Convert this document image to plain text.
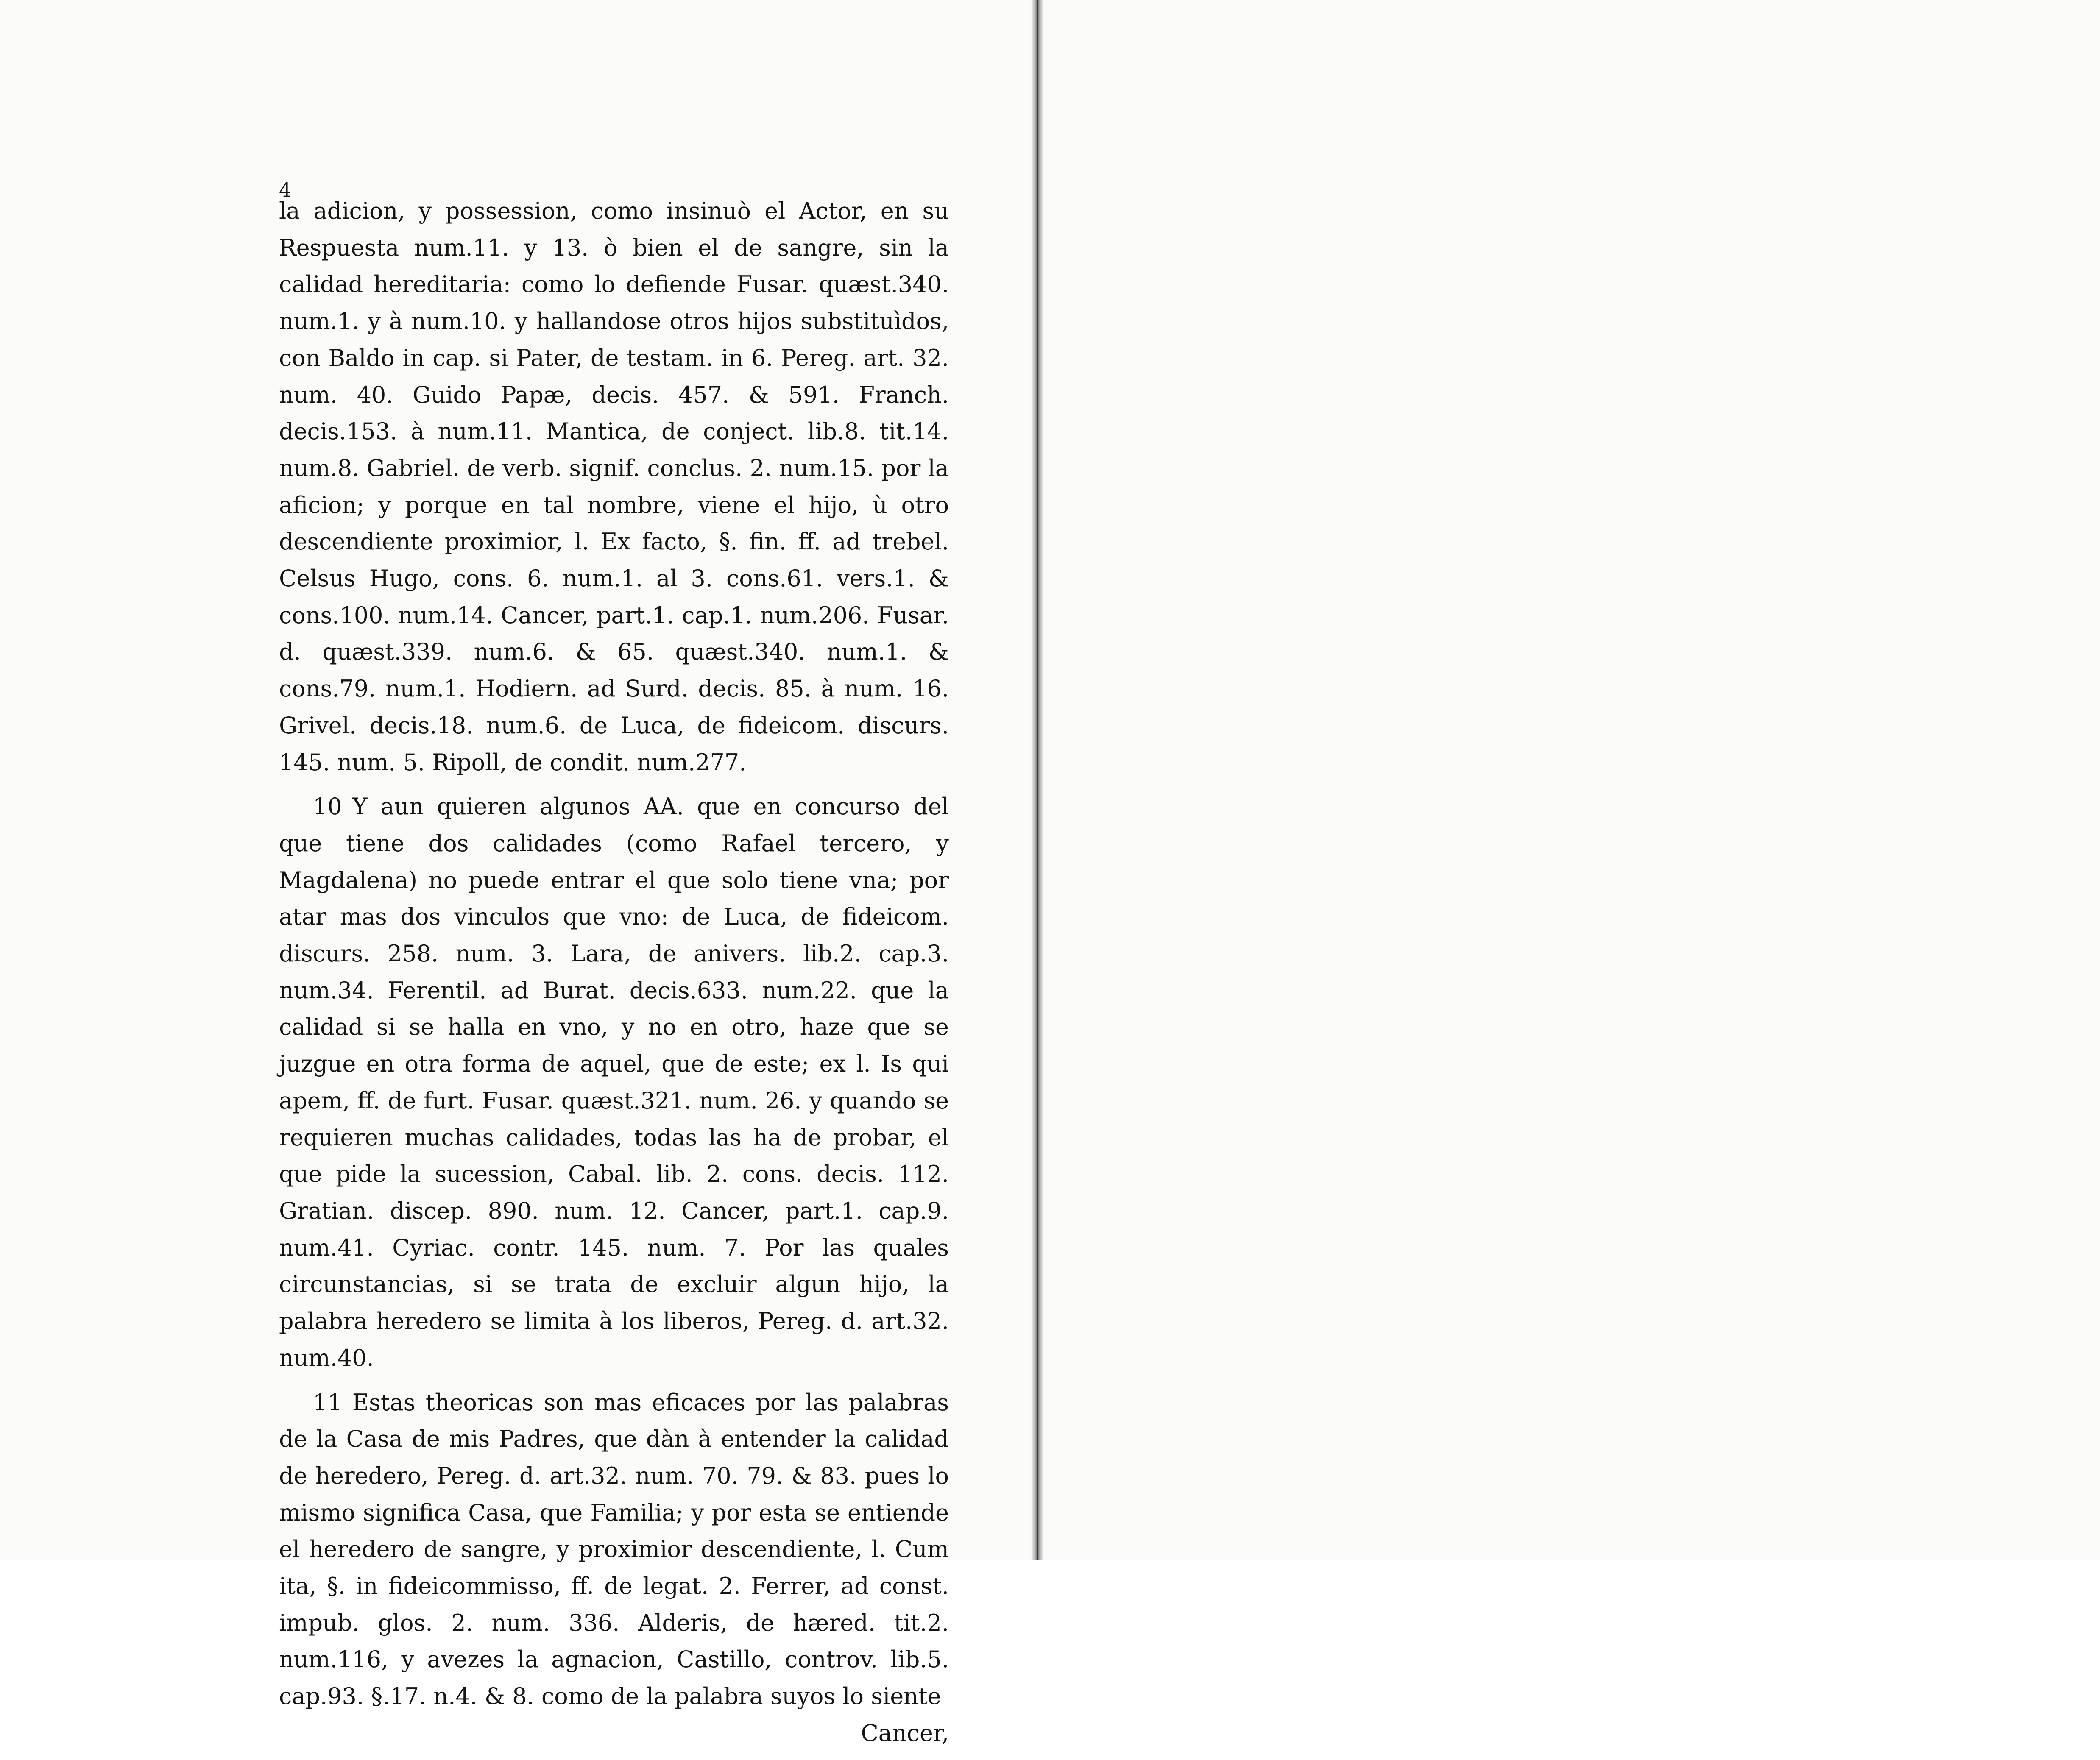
4

la adicion, y possession, como insinuò el Actor, en su Respuesta num.11. y 13. ò bien el de sangre, sin la calidad hereditaria: como lo defiende Fusar. quæst.340. num.1. y à num.10. y hallandose otros hijos substituìdos, con Baldo in cap. si Pater, de testam. in 6. Pereg. art. 32. num. 40. Guido Papæ, decis. 457. & 591. Franch. decis.153. à num.11. Mantica, de conject. lib.8. tit.14. num.8. Gabriel. de verb. signif. conclus. 2. num.15. por la aficion; y porque en tal nombre, viene el hijo, ù otro descendiente proximior, l. Ex facto, §. fin. ff. ad trebel. Celsus Hugo, cons. 6. num.1. al 3. cons.61. vers.1. & cons.100. num.14. Cancer, part.1. cap.1. num.206. Fusar. d. quæst.339. num.6. & 65. quæst.340. num.1. & cons.79. num.1. Hodiern. ad Surd. decis. 85. à num. 16. Grivel. decis.18. num.6. de Luca, de fideicom. discurs. 145. num. 5. Ripoll, de condit. num.277.

10 Y aun quieren algunos AA. que en concurso del que tiene dos calidades (como Rafael tercero, y Magdalena) no puede entrar el que solo tiene vna; por atar mas dos vinculos que vno: de Luca, de fideicom. discurs. 258. num. 3. Lara, de anivers. lib.2. cap.3. num.34. Ferentil. ad Burat. decis.633. num.22. que la calidad si se halla en vno, y no en otro, haze que se juzgue en otra forma de aquel, que de este; ex l. Is qui apem, ff. de furt. Fusar. quæst.321. num. 26. y quando se requieren muchas calidades, todas las ha de probar, el que pide la sucession, Cabal. lib. 2. cons. decis. 112. Gratian. discep. 890. num. 12. Cancer, part.1. cap.9. num.41. Cyriac. contr. 145. num. 7. Por las quales circunstancias, si se trata de excluir algun hijo, la palabra heredero se limita à los liberos, Pereg. d. art.32. num.40.

11 Estas theoricas son mas eficaces por las palabras de la Casa de mis Padres, que dàn à entender la calidad de heredero, Pereg. d. art.32. num. 70. 79. & 83. pues lo mismo significa Casa, que Familia; y por esta se entiende el heredero de sangre, y proximior descendiente, l. Cum ita, §. in fideicommisso, ff. de legat. 2. Ferrer, ad const. impub. glos. 2. num. 336. Alderis, de hæred. tit.2. num.116, y avezes la agnacion, Castillo, controv. lib.5. cap.93. §.17. n.4. & 8. como de la palabra suyos lo siente

Cancer,
